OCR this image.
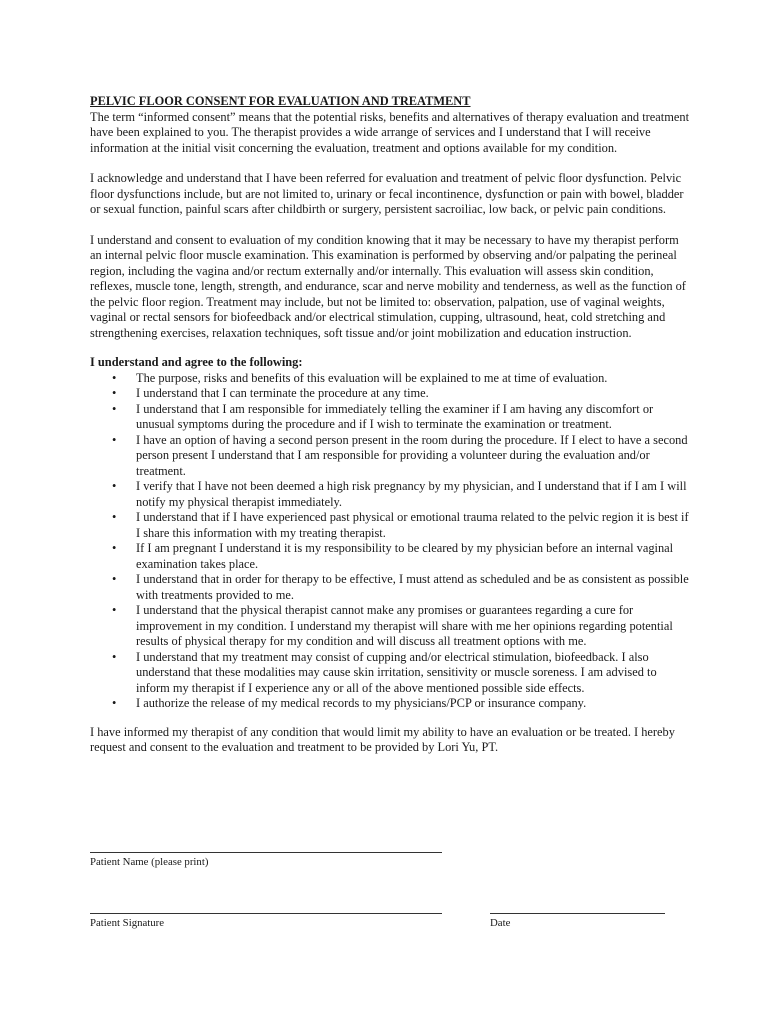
PELVIC FLOOR CONSENT FOR EVALUATION AND TREATMENT

The term “informed consent” means that the potential risks, benefits and alternatives of therapy evaluation and treatment have been explained to you. The therapist provides a wide arrange of services and I understand that I will receive information at the initial visit concerning the evaluation, treatment and options available for my condition.

I acknowledge and understand that I have been referred for evaluation and treatment of pelvic floor dysfunction. Pelvic floor dysfunctions include, but are not limited to, urinary or fecal incontinence, dysfunction or pain with bowel, bladder or sexual function, painful scars after childbirth or surgery, persistent sacroiliac, low back, or pelvic pain conditions.

I understand and consent to evaluation of my condition knowing that it may be necessary to have my therapist perform an internal pelvic floor muscle examination. This examination is performed by observing and/or palpating the perineal region, including the vagina and/or rectum externally and/or internally. This evaluation will assess skin condition, reflexes, muscle tone, length, strength, and endurance, scar and nerve mobility and tenderness, as well as the function of the pelvic floor region. Treatment may include, but not be limited to: observation, palpation, use of vaginal weights, vaginal or rectal sensors for biofeedback and/or electrical stimulation, cupping, ultrasound, heat, cold stretching and strengthening exercises, relaxation techniques, soft tissue and/or joint mobilization and education instruction.

I understand and agree to the following:

• The purpose, risks and benefits of this evaluation will be explained to me at time of evaluation.
• I understand that I can terminate the procedure at any time.
• I understand that I am responsible for immediately telling the examiner if I am having any discomfort or unusual symptoms during the procedure and if I wish to terminate the examination or treatment.
• I have an option of having a second person present in the room during the procedure. If I elect to have a second person present I understand that I am responsible for providing a volunteer during the evaluation and/or treatment.
• I verify that I have not been deemed a high risk pregnancy by my physician, and I understand that if I am I will notify my physical therapist immediately.
• I understand that if I have experienced past physical or emotional trauma related to the pelvic region it is best if I share this information with my treating therapist.
• If I am pregnant I understand it is my responsibility to be cleared by my physician before an internal vaginal examination takes place.
• I understand that in order for therapy to be effective, I must attend as scheduled and be as consistent as possible with treatments provided to me.
• I understand that the physical therapist cannot make any promises or guarantees regarding a cure for improvement in my condition. I understand my therapist will share with me her opinions regarding potential results of physical therapy for my condition and will discuss all treatment options with me.
• I understand that my treatment may consist of cupping and/or electrical stimulation, biofeedback. I also understand that these modalities may cause skin irritation, sensitivity or muscle soreness. I am advised to inform my therapist if I experience any or all of the above mentioned possible side effects.
• I authorize the release of my medical records to my physicians/PCP or insurance company.

I have informed my therapist of any condition that would limit my ability to have an evaluation or be treated. I hereby request and consent to the evaluation and treatment to be provided by Lori Yu, PT.

Patient Name (please print)
Patient Signature	Date
